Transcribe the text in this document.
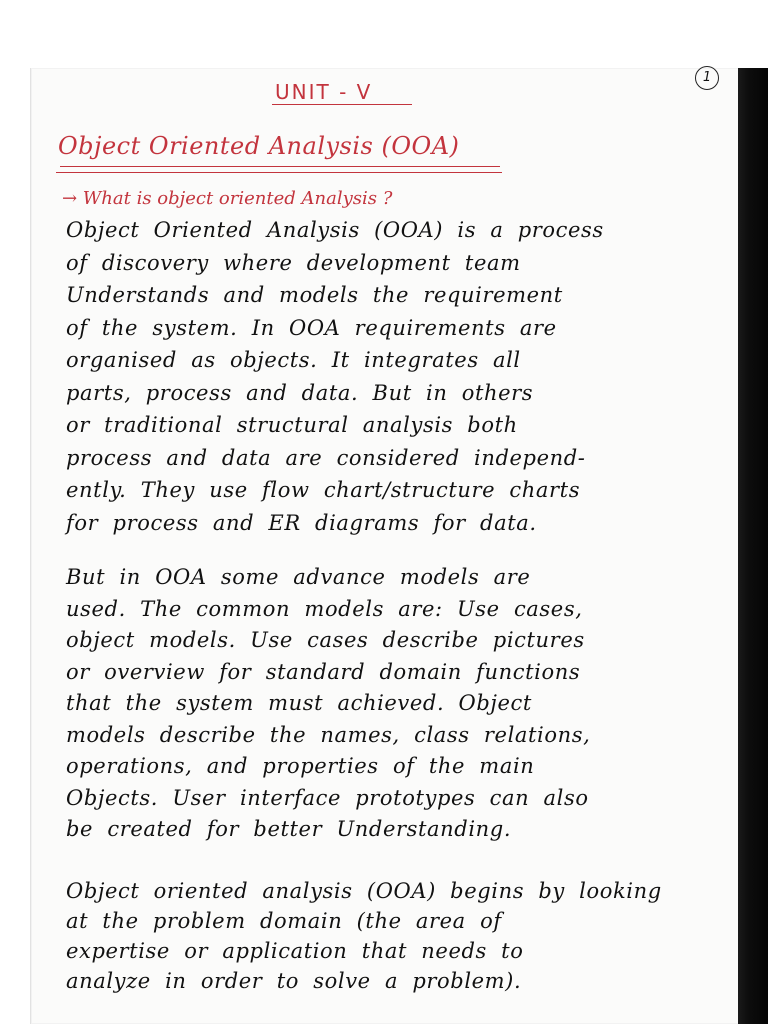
1
UNIT - V
Object Oriented Analysis (OOA)
→ What is object oriented Analysis ?
Object Oriented Analysis (OOA) is a process
of discovery where development team
Understands and models the requirement
of the system. In OOA requirements are
organised as objects. It integrates all
parts, process and data. But in others
or traditional structural analysis both
process and data are considered independ-
ently. They use flow chart/structure charts
for process and ER diagrams for data.
But in OOA some advance models are
used. The common models are: Use cases,
object models. Use cases describe pictures
or overview for standard domain functions
that the system must achieved. Object
models describe the names, class relations,
operations, and properties of the main
Objects. User interface prototypes can also
be created for better Understanding.
Object oriented analysis (OOA) begins by looking
at the problem domain (the area of
expertise or application that needs to
analyze in order to solve a problem).
